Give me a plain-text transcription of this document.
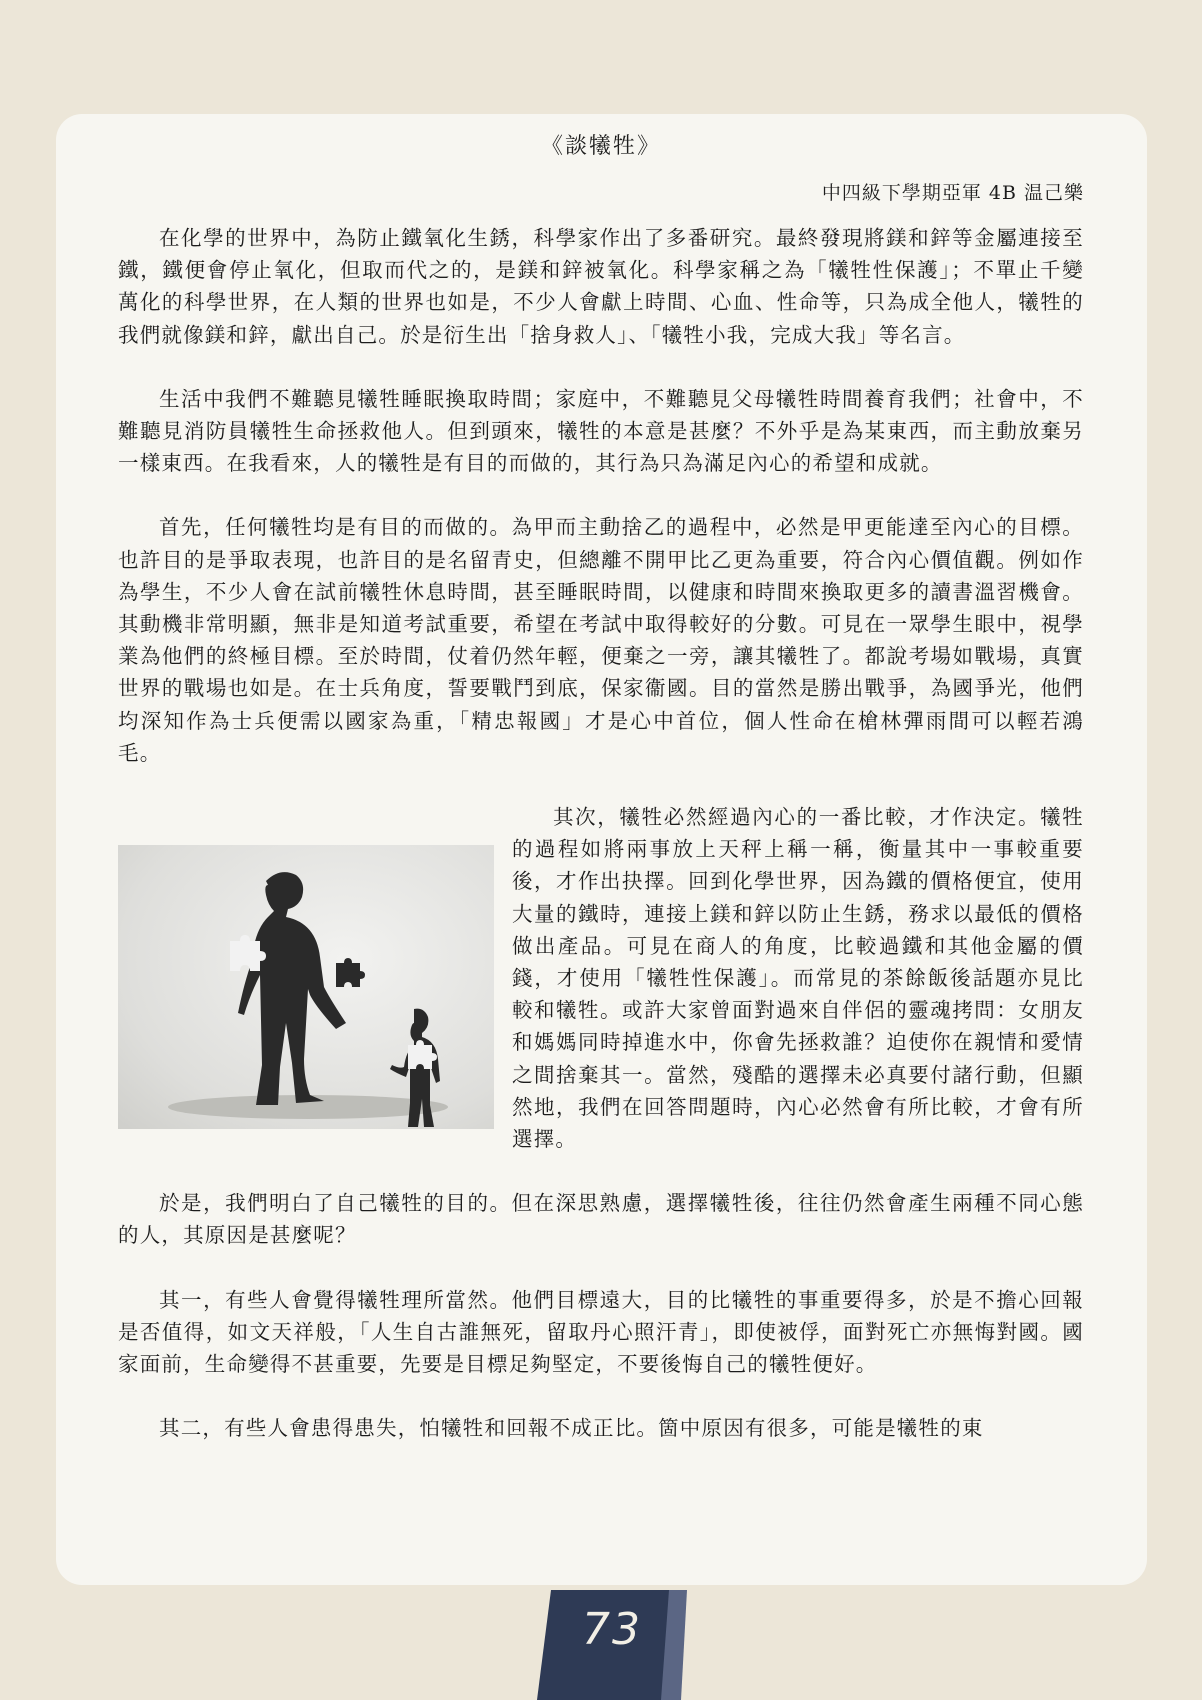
《談犧牲》
中四級下學期亞軍 4B 温己樂

在化學的世界中，為防止鐵氧化生銹，科學家作出了多番研究。最終發現將鎂和鋅等金屬連接至鐵，鐵便會停止氧化，但取而代之的，是鎂和鋅被氧化。科學家稱之為「犧牲性保護」；不單止千變萬化的科學世界，在人類的世界也如是，不少人會獻上時間、心血、性命等，只為成全他人，犧牲的我們就像鎂和鋅，獻出自己。於是衍生出「捨身救人」、「犧牲小我，完成大我」等名言。

生活中我們不難聽見犧牲睡眠換取時間；家庭中，不難聽見父母犧牲時間養育我們；社會中，不難聽見消防員犧牲生命拯救他人。但到頭來，犧牲的本意是甚麼？不外乎是為某東西，而主動放棄另一樣東西。在我看來，人的犧牲是有目的而做的，其行為只為滿足內心的希望和成就。

首先，任何犧牲均是有目的而做的。為甲而主動捨乙的過程中，必然是甲更能達至內心的目標。也許目的是爭取表現，也許目的是名留青史，但總離不開甲比乙更為重要，符合內心價值觀。例如作為學生，不少人會在試前犧牲休息時間，甚至睡眠時間，以健康和時間來換取更多的讀書溫習機會。其動機非常明顯，無非是知道考試重要，希望在考試中取得較好的分數。可見在一眾學生眼中，視學業為他們的終極目標。至於時間，仗着仍然年輕，便棄之一旁，讓其犧牲了。都說考場如戰場，真實世界的戰場也如是。在士兵角度，誓要戰鬥到底，保家衞國。目的當然是勝出戰爭，為國爭光，他們均深知作為士兵便需以國家為重，「精忠報國」才是心中首位，個人性命在槍林彈雨間可以輕若鴻毛。

其次，犧牲必然經過內心的一番比較，才作決定。犧牲的過程如將兩事放上天秤上稱一稱，衡量其中一事較重要後，才作出抉擇。回到化學世界，因為鐵的價格便宜，使用大量的鐵時，連接上鎂和鋅以防止生銹，務求以最低的價格做出產品。可見在商人的角度，比較過鐵和其他金屬的價錢，才使用「犧牲性保護」。而常見的茶餘飯後話題亦見比較和犧牲。或許大家曾面對過來自伴侶的靈魂拷問：女朋友和媽媽同時掉進水中，你會先拯救誰？迫使你在親情和愛情之間捨棄其一。當然，殘酷的選擇未必真要付諸行動，但顯然地，我們在回答問題時，內心必然會有所比較，才會有所選擇。

於是，我們明白了自己犧牲的目的。但在深思熟慮，選擇犧牲後，往往仍然會產生兩種不同心態的人，其原因是甚麼呢？

其一，有些人會覺得犧牲理所當然。他們目標遠大，目的比犧牲的事重要得多，於是不擔心回報是否值得，如文天祥般，「人生自古誰無死，留取丹心照汗青」，即使被俘，面對死亡亦無悔對國。國家面前，生命變得不甚重要，先要是目標足夠堅定，不要後悔自己的犧牲便好。

其二，有些人會患得患失，怕犧牲和回報不成正比。箇中原因有很多，可能是犧牲的東

73
